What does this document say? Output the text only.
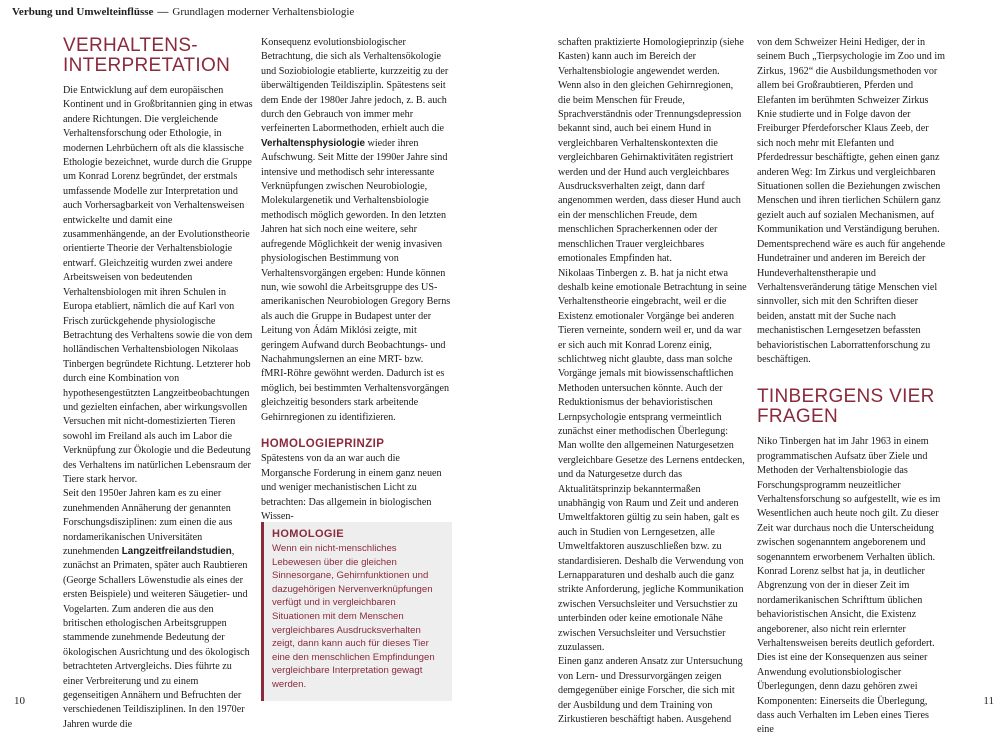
Verbung und Umwelteinflüsse — Grundlagen moderner Verhaltensbiologie
VERHALTENS-INTERPRETATION

Die Entwicklung auf dem europäischen Kontinent und in Großbritannien ging in etwas andere Richtungen. Die vergleichende Verhaltensforschung oder Ethologie, in modernen Lehrbüchern oft als die klassische Ethologie bezeichnet, wurde durch die Gruppe um Konrad Lorenz begründet, der erstmals umfassende Modelle zur Interpretation und auch Vorhersagbarkeit von Verhaltensweisen entwickelte und damit eine zusammenhängende, an der Evolutionstheorie orientierte Theorie der Verhaltensbiologie entwarf. Gleichzeitig wurden zwei andere Arbeitsweisen von bedeutenden Verhaltensbiologen mit ihren Schulen in Europa etabliert, nämlich die auf Karl von Frisch zurückgehende physiologische Betrachtung des Verhaltens sowie die von dem holländischen Verhaltensbiologen Nikolaas Tinbergen begründete Richtung. Letzterer hob durch eine Kombination von hypothesengestützten Langzeitbeobachtungen und gezielten einfachen, aber wirkungsvollen Versuchen mit nicht-domestizierten Tieren sowohl im Freiland als auch im Labor die Verknüpfung zur Ökologie und die Bedeutung des Verhaltens im natürlichen Lebensraum der Tiere stark hervor.

Seit den 1950er Jahren kam es zu einer zunehmenden Annäherung der genannten Forschungsdisziplinen: zum einen die aus nordamerikanischen Universitäten zunehmenden Langzeitfreilandstudien, zunächst an Primaten, später auch Raubtieren (George Schallers Löwenstudie als eines der ersten Beispiele) und weiteren Säugetier- und Vogelarten. Zum anderen die aus den britischen ethologischen Arbeitsgruppen stammende zunehmende Bedeutung der ökologischen Ausrichtung und des ökologisch betrachteten Artvergleichs. Dies führte zu einer Verbreiterung und zu einem gegenseitigen Annähern und Befruchten der verschiedenen Teildisziplinen. In den 1970er Jahren wurde die

Konsequenz evolutionsbiologischer Betrachtung, die sich als Verhaltensökologie und Soziobiologie etablierte, kurzzeitig zu der überwältigenden Teildisziplin. Spätestens seit dem Ende der 1980er Jahre jedoch, z. B. auch durch den Gebrauch von immer mehr verfeinerten Labormethoden, erhielt auch die Verhaltensphysiologie wieder ihren Aufschwung. Seit Mitte der 1990er Jahre sind intensive und methodisch sehr interessante Verknüpfungen zwischen Neurobiologie, Molekulargenetik und Verhaltensbiologie methodisch möglich geworden. In den letzten Jahren hat sich noch eine weitere, sehr aufregende Möglichkeit der wenig invasiven physiologischen Bestimmung von Verhaltensvorgängen ergeben: Hunde können nun, wie sowohl die Arbeitsgruppe des US-amerikanischen Neurobiologen Gregory Berns als auch die Gruppe in Budapest unter der Leitung von Ádám Miklósi zeigte, mit geringem Aufwand durch Beobachtungs- und Nachahmungslernen an eine MRT- bzw. fMRI-Röhre gewöhnt werden. Dadurch ist es möglich, bei bestimmten Verhaltensvorgängen gleichzeitig besonders stark arbeitende Gehirnregionen zu identifizieren.

HOMOLOGIEPRINZIP

Spätestens von da an war auch die Morgansche Forderung in einem ganz neuen und weniger mechanistischen Licht zu betrachten: Das allgemein in biologischen Wissen-

HOMOLOGIE
Wenn ein nicht-menschliches Lebewesen über die gleichen Sinnesorgane, Gehirnfunktionen und dazugehörigen Nervenverknüpfungen verfügt und in vergleichbaren Situationen mit dem Menschen vergleichbares Ausdrucksverhalten zeigt, dann kann auch für dieses Tier eine den menschlichen Empfindungen vergleichbare Interpretation gewagt werden.

schaften praktizierte Homologieprinzip (siehe Kasten) kann auch im Bereich der Verhaltensbiologie angewendet werden.

Wenn also in den gleichen Gehirnregionen, die beim Menschen für Freude, Sprachverständnis oder Trennungsdepression bekannt sind, auch bei einem Hund in vergleichbaren Verhaltenskontexten die vergleichbaren Gehirnaktivitäten registriert werden und der Hund auch vergleichbares Ausdrucksverhalten zeigt, dann darf angenommen werden, dass dieser Hund auch ein der menschlichen Freude, dem menschlichen Spracherkennen oder der menschlichen Trauer vergleichbares emotionales Empfinden hat.

Nikolaas Tinbergen z. B. hat ja nicht etwa deshalb keine emotionale Betrachtung in seine Verhaltenstheorie eingebracht, weil er die Existenz emotionaler Vorgänge bei anderen Tieren verneinte, sondern weil er, und da war er sich auch mit Konrad Lorenz einig, schlichtweg nicht glaubte, dass man solche Vorgänge jemals mit biowissenschaftlichen Methoden untersuchen könnte. Auch der Reduktionismus der behavioristischen Lernpsychologie entsprang vermeintlich zunächst einer methodischen Überlegung: Man wollte den allgemeinen Naturgesetzen vergleichbare Gesetze des Lernens entdecken, und da Naturgesetze durch das Aktualitätsprinzip bekanntermaßen unabhängig von Raum und Zeit und anderen Umweltfaktoren gültig zu sein haben, galt es auch in Studien von Lerngesetzen, alle Umweltfaktoren auszuschließen bzw. zu standardisieren. Deshalb die Verwendung von Lernapparaturen und deshalb auch die ganz strikte Anforderung, jegliche Kommunikation zwischen Versuchsleiter und Versuchstier zu unterbinden oder keine emotionale Nähe zwischen Versuchsleiter und Versuchstier zuzulassen.

Einen ganz anderen Ansatz zur Untersuchung von Lern- und Dressurvorgängen zeigen demgegenüber einige Forscher, die sich mit der Ausbildung und dem Training von Zirkustieren beschäftigt haben. Ausgehend

von dem Schweizer Heini Hediger, der in seinem Buch „Tierpsychologie im Zoo und im Zirkus, 1962“ die Ausbildungsmethoden vor allem bei Großraubtieren, Pferden und Elefanten im berühmten Schweizer Zirkus Knie studierte und in Folge davon der Freiburger Pferdeforscher Klaus Zeeb, der sich noch mehr mit Elefanten und Pferdedressur beschäftigte, gehen einen ganz anderen Weg: Im Zirkus und vergleichbaren Situationen sollen die Beziehungen zwischen Menschen und ihren tierlichen Schülern ganz gezielt auch auf sozialen Mechanismen, auf Kommunikation und Verständigung beruhen. Dementsprechend wäre es auch für angehende Hundetrainer und anderen im Bereich der Hundeverhaltenstherapie und Verhaltensveränderung tätige Menschen viel sinnvoller, sich mit den Schriften dieser beiden, anstatt mit der Suche nach mechanistischen Lerngesetzen befassten behavioristischen Laborrattenforschung zu beschäftigen.

TINBERGENS VIER FRAGEN

Niko Tinbergen hat im Jahr 1963 in einem programmatischen Aufsatz über Ziele und Methoden der Verhaltensbiologie das Forschungsprogramm neuzeitlicher Verhaltensforschung so aufgestellt, wie es im Wesentlichen auch heute noch gilt. Zu dieser Zeit war durchaus noch die Unterscheidung zwischen sogenanntem angeborenem und sogenanntem erworbenem Verhalten üblich. Konrad Lorenz selbst hat ja, in deutlicher Abgrenzung von der in dieser Zeit im nordamerikanischen Schrifttum üblichen behavioristischen Ansicht, die Existenz angeborener, also nicht rein erlernter Verhaltensweisen bereits deutlich gefordert. Dies ist eine der Konsequenzen aus seiner Anwendung evolutionsbiologischer Überlegungen, denn dazu gehören zwei Komponenten: Einerseits die Überlegung, dass auch Verhalten im Leben eines Tieres eine

10	11
